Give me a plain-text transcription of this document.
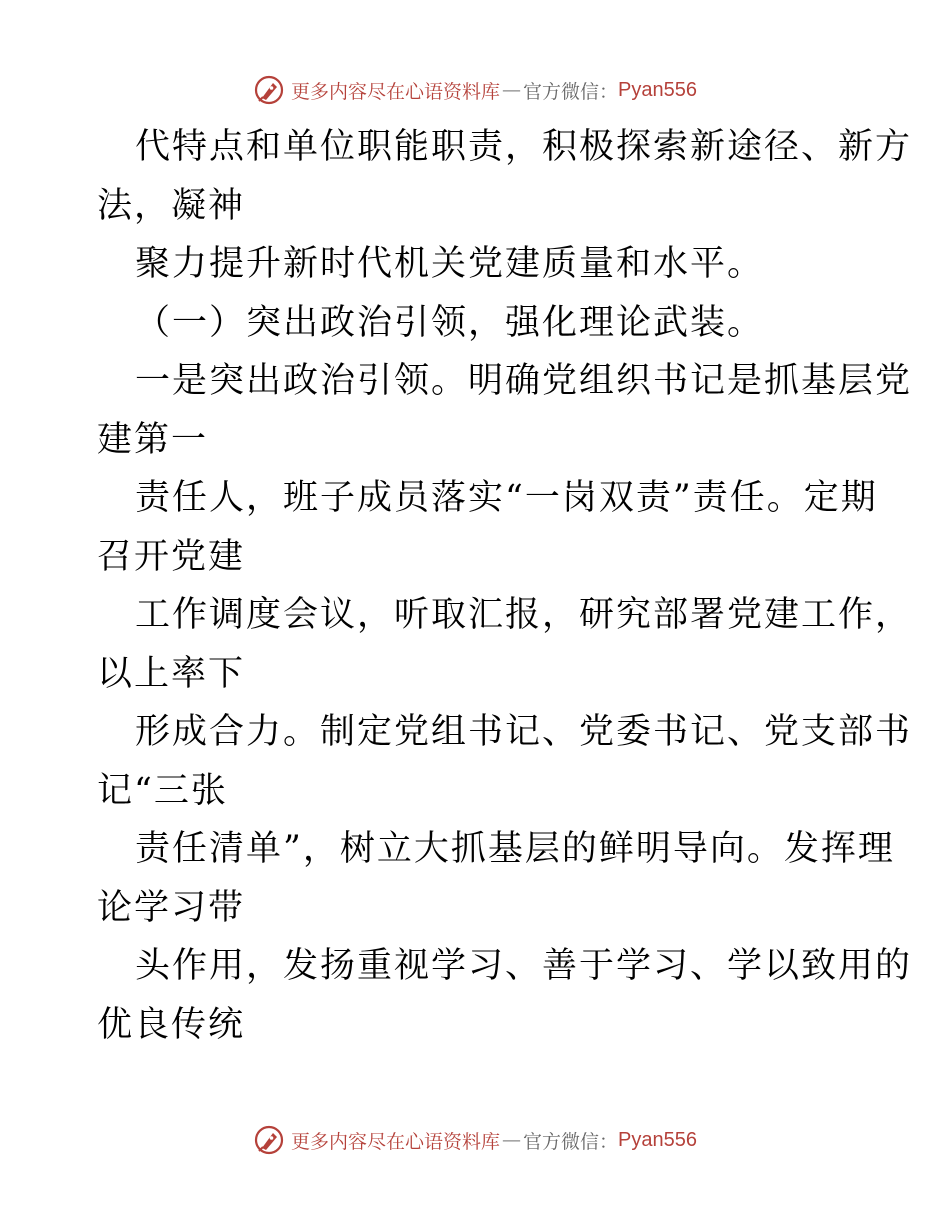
更多内容尽在心语资料库 — 官方微信： Pyan556
代特点和单位职能职责，积极探索新途径、新方
法，凝神
聚力提升新时代机关党建质量和水平。
（一）突出政治引领，强化理论武装。
一是突出政治引领。明确党组织书记是抓基层党
建第一
责任人，班子成员落实“一岗双责”责任。定期
召开党建
工作调度会议，听取汇报，研究部署党建工作，
以上率下
形成合力。制定党组书记、党委书记、党支部书
记“三张
责任清单”，树立大抓基层的鲜明导向。发挥理
论学习带
头作用，发扬重视学习、善于学习、学以致用的
优良传统
更多内容尽在心语资料库 — 官方微信： Pyan556
